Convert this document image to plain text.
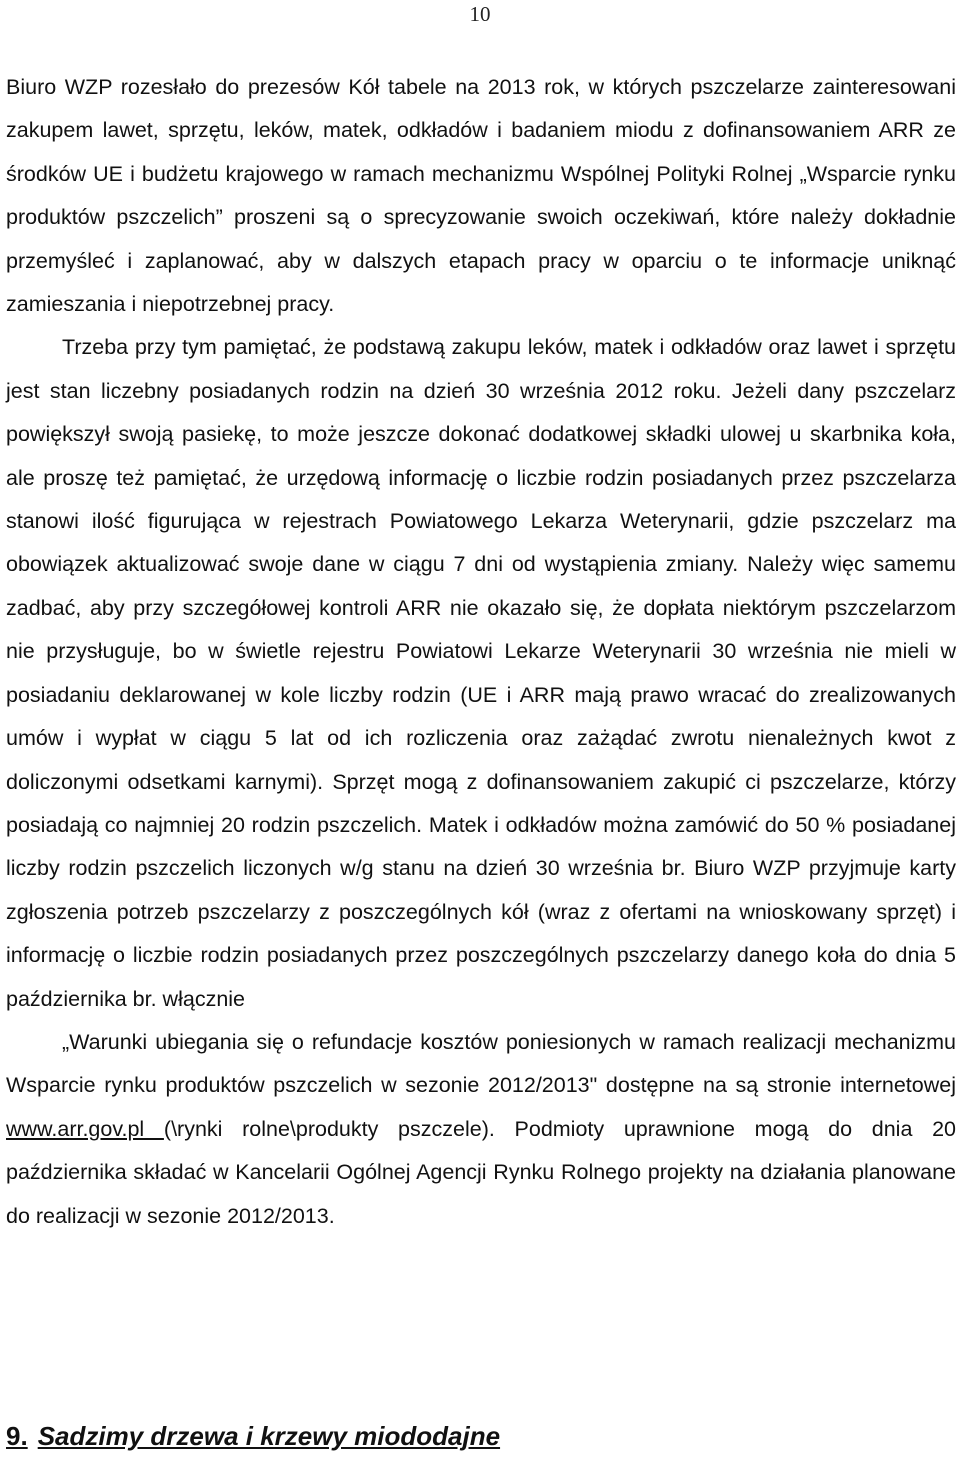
10

Biuro WZP rozesłało do prezesów Kół tabele na 2013 rok, w których pszczelarze zainteresowani zakupem lawet, sprzętu, leków, matek, odkładów i badaniem miodu z dofinansowaniem ARR ze środków UE i budżetu krajowego w ramach mechanizmu Wspólnej Polityki Rolnej „Wsparcie rynku produktów pszczelich” proszeni są o sprecyzowanie swoich oczekiwań, które należy dokładnie przemyśleć i zaplanować, aby w dalszych etapach pracy w oparciu o te informacje uniknąć zamieszania i niepotrzebnej pracy.

Trzeba przy tym pamiętać, że podstawą zakupu leków, matek i odkładów oraz lawet i sprzętu jest stan liczebny posiadanych rodzin na dzień 30 września 2012 roku. Jeżeli dany pszczelarz powiększył swoją pasiekę, to może jeszcze dokonać dodatkowej składki ulowej u skarbnika koła, ale proszę też pamiętać, że urzędową informację o liczbie rodzin posiadanych przez pszczelarza stanowi ilość figurująca w rejestrach Powiatowego Lekarza Weterynarii, gdzie pszczelarz ma obowiązek aktualizować swoje dane w ciągu 7 dni od wystąpienia zmiany. Należy więc samemu zadbać, aby przy szczegółowej kontroli ARR nie okazało się, że dopłata niektórym pszczelarzom nie przysługuje, bo w świetle rejestru Powiatowi Lekarze Weterynarii 30 września nie mieli w posiadaniu deklarowanej w kole liczby rodzin (UE i ARR mają prawo wracać do zrealizowanych umów i wypłat w ciągu 5 lat od ich rozliczenia oraz zażądać zwrotu nienależnych kwot z doliczonymi odsetkami karnymi). Sprzęt mogą z dofinansowaniem zakupić ci pszczelarze, którzy posiadają co najmniej 20 rodzin pszczelich. Matek i odkładów można zamówić do 50 % posiadanej liczby rodzin pszczelich liczonych w/g stanu na dzień 30 września br. Biuro WZP przyjmuje karty zgłoszenia potrzeb pszczelarzy z poszczególnych kół (wraz z ofertami na wnioskowany sprzęt) i informację o liczbie rodzin posiadanych przez poszczególnych pszczelarzy danego koła do dnia 5 października br. włącznie

„Warunki ubiegania się o refundacje kosztów poniesionych w ramach realizacji mechanizmu Wsparcie rynku produktów pszczelich w sezonie 2012/2013" dostępne na są stronie internetowej www.arr.gov.pl (\rynki rolne\produkty pszczele). Podmioty uprawnione mogą do dnia 20 października składać w Kancelarii Ogólnej Agencji Rynku Rolnego projekty na działania planowane do realizacji w sezonie 2012/2013.

9. Sadzimy drzewa i krzewy miododajne
